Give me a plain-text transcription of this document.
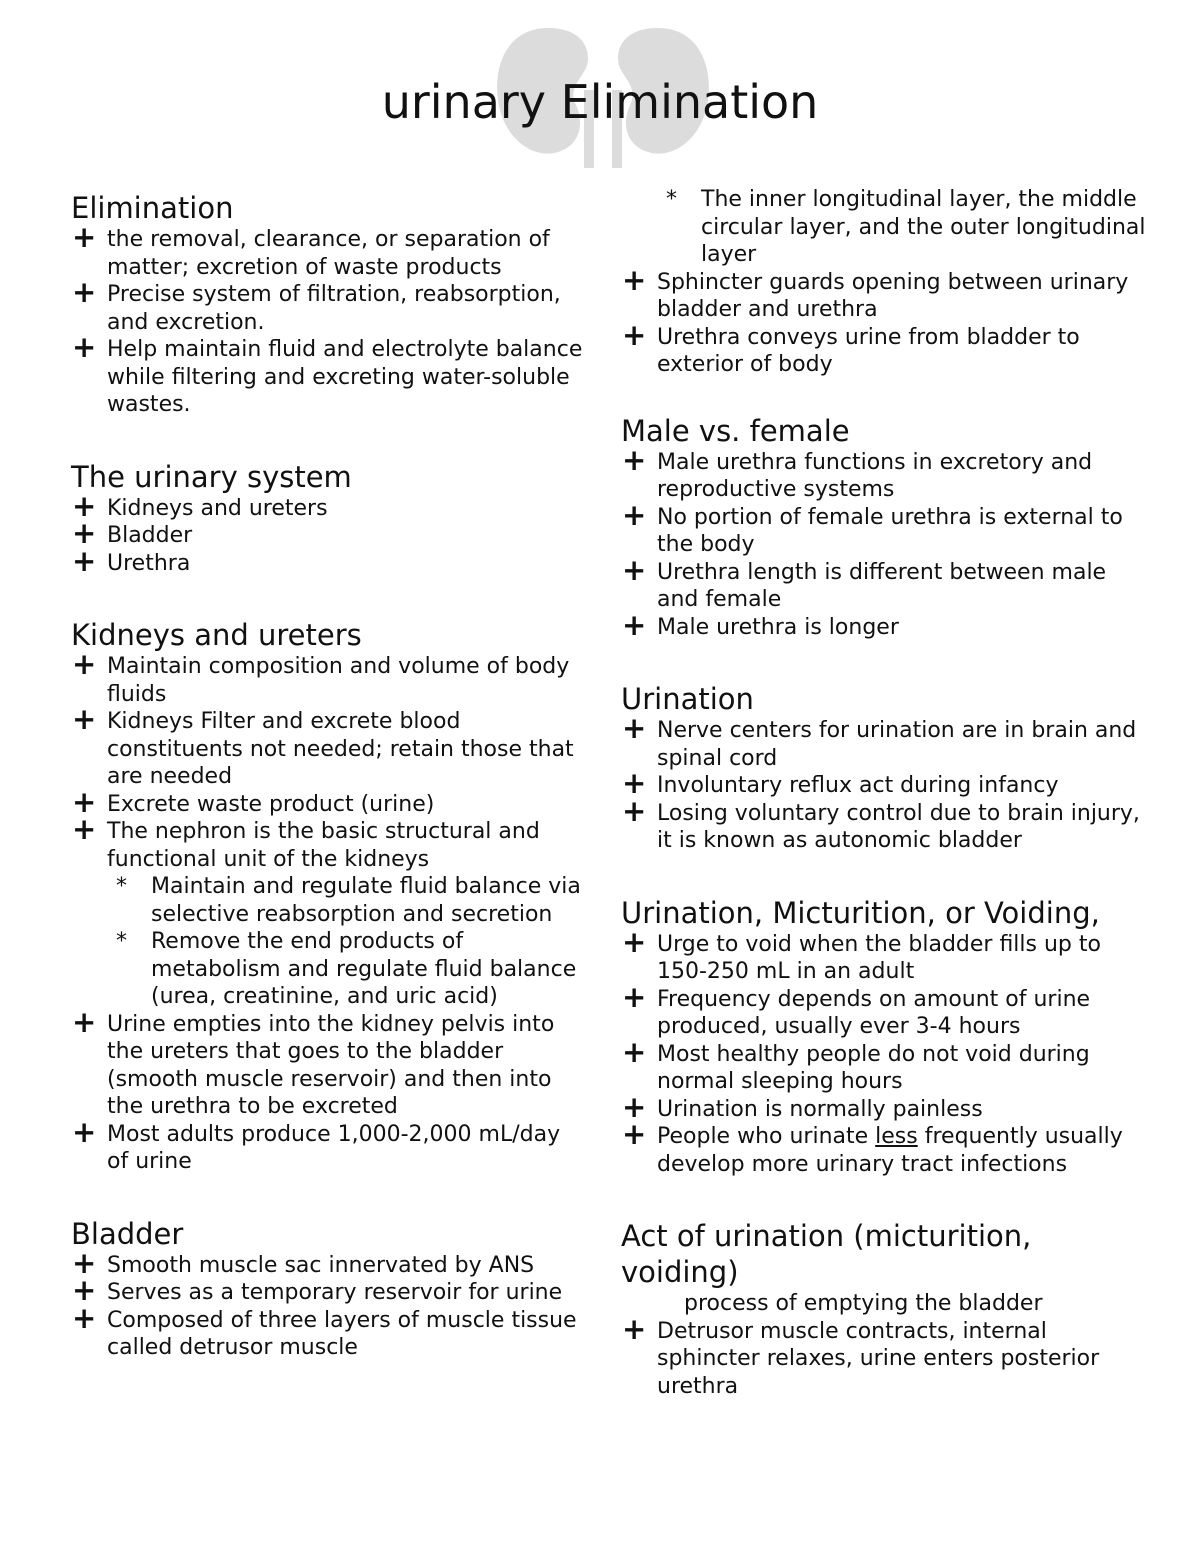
urinary Elimination
Elimination
+ the removal, clearance, or separation of matter; excretion of waste products
+ Precise system of filtration, reabsorption, and excretion.
+ Help maintain fluid and electrolyte balance while filtering and excreting water-soluble wastes.
The urinary system
+ Kidneys and ureters
+ Bladder
+ Urethra
Kidneys and ureters
+ Maintain composition and volume of body fluids
+ Kidneys Filter and excrete blood constituents not needed; retain those that are needed
+ Excrete waste product (urine)
+ The nephron is the basic structural and functional unit of the kidneys
* Maintain and regulate fluid balance via selective reabsorption and secretion
* Remove the end products of metabolism and regulate fluid balance (urea, creatinine, and uric acid)
+ Urine empties into the kidney pelvis into the ureters that goes to the bladder (smooth muscle reservoir) and then into the urethra to be excreted
+ Most adults produce 1,000-2,000 mL/day of urine
Bladder
+ Smooth muscle sac innervated by ANS
+ Serves as a temporary reservoir for urine
+ Composed of three layers of muscle tissue called detrusor muscle
* The inner longitudinal layer, the middle circular layer, and the outer longitudinal layer
+ Sphincter guards opening between urinary bladder and urethra
+ Urethra conveys urine from bladder to exterior of body
Male vs. female
+ Male urethra functions in excretory and reproductive systems
+ No portion of female urethra is external to the body
+ Urethra length is different between male and female
+ Male urethra is longer
Urination
+ Nerve centers for urination are in brain and spinal cord
+ Involuntary reflux act during infancy
+ Losing voluntary control due to brain injury, it is known as autonomic bladder
Urination, Micturition, or Voiding,
+ Urge to void when the bladder fills up to 150-250 mL in an adult
+ Frequency depends on amount of urine produced, usually ever 3-4 hours
+ Most healthy people do not void during normal sleeping hours
+ Urination is normally painless
+ People who urinate less frequently usually develop more urinary tract infections
Act of urination (micturition, voiding)
process of emptying the bladder
+ Detrusor muscle contracts, internal sphincter relaxes, urine enters posterior urethra
